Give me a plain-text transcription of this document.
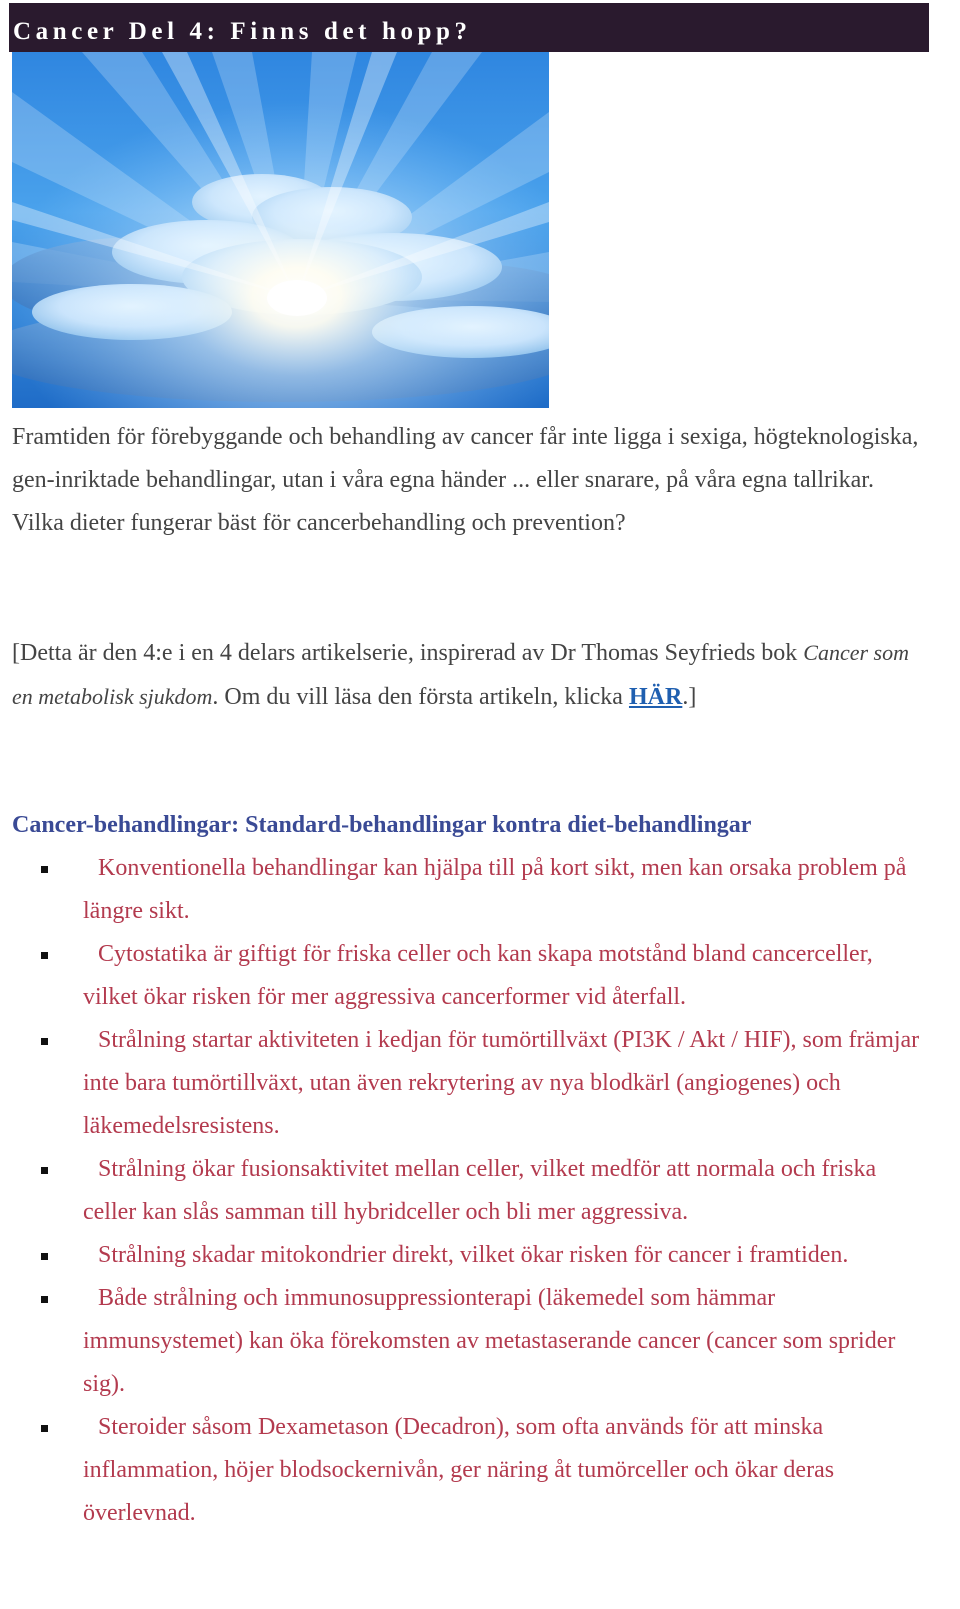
Cancer Del 4: Finns det hopp?

Framtiden för förebyggande och behandling av cancer får inte ligga i sexiga, högteknologiska, gen-inriktade behandlingar, utan i våra egna händer ... eller snarare, på våra egna tallrikar. Vilka dieter fungerar bäst för cancerbehandling och prevention?

[Detta är den 4:e i en 4 delars artikelserie, inspirerad av Dr Thomas Seyfrieds bok Cancer som en metabolisk sjukdom. Om du vill läsa den första artikeln, klicka HÄR.]

Cancer-behandlingar: Standard-behandlingar kontra diet-behandlingar
Konventionella behandlingar kan hjälpa till på kort sikt, men kan orsaka problem på längre sikt.
Cytostatika är giftigt för friska celler och kan skapa motstånd bland cancerceller, vilket ökar risken för mer aggressiva cancerformer vid återfall.
Strålning startar aktiviteten i kedjan för tumörtillväxt (PI3K / Akt / HIF), som främjar inte bara tumörtillväxt, utan även rekrytering av nya blodkärl (angiogenes) och läkemedelsresistens.
Strålning ökar fusionsaktivitet mellan celler, vilket medför att normala och friska celler kan slås samman till hybridceller och bli mer aggressiva.
Strålning skadar mitokondrier direkt, vilket ökar risken för cancer i framtiden.
Både strålning och immunosuppressionterapi (läkemedel som hämmar immunsystemet) kan öka förekomsten av metastaserande cancer (cancer som sprider sig).
Steroider såsom Dexametason (Decadron), som ofta används för att minska inflammation, höjer blodsockernivån, ger näring åt tumörceller och ökar deras överlevnad.
